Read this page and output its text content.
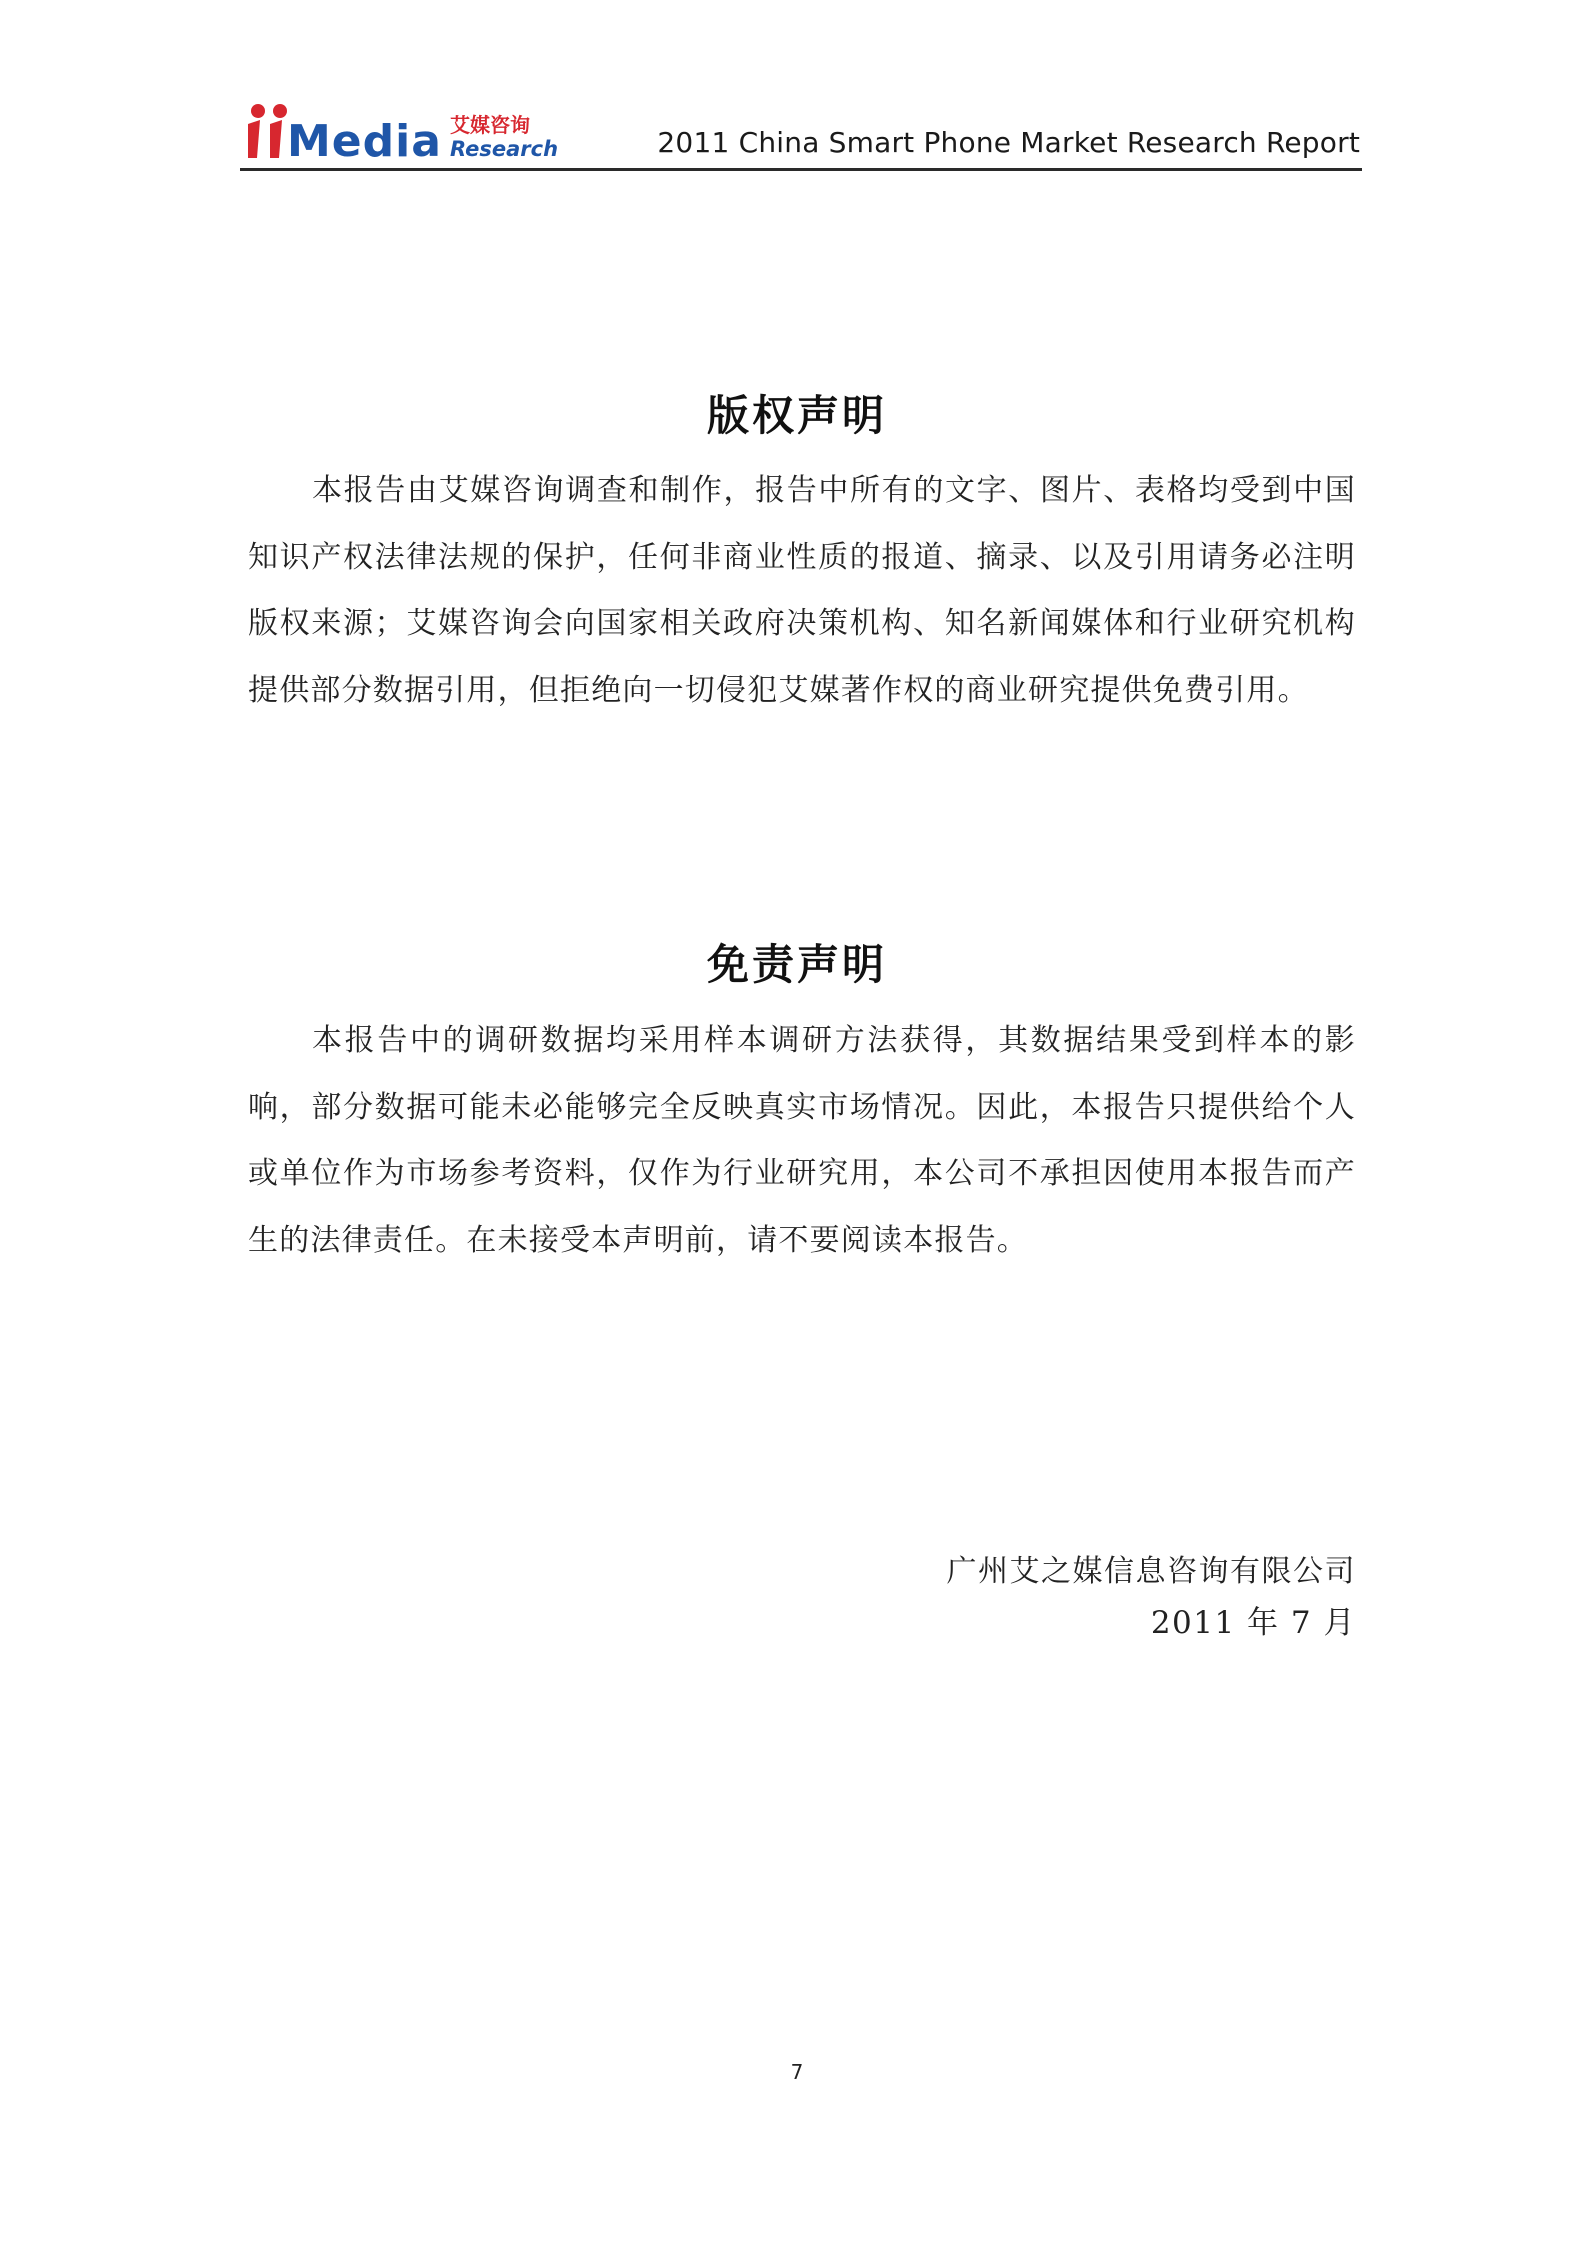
Media 艾媒咨询
Research	2011 China Smart Phone Market Research Report
版权声明
本报告由艾媒咨询调查和制作，报告中所有的文字、图片、表格均受到中国知识产权法律法规的保护，任何非商业性质的报道、摘录、以及引用请务必注明版权来源；艾媒咨询会向国家相关政府决策机构、知名新闻媒体和行业研究机构提供部分数据引用，但拒绝向一切侵犯艾媒著作权的商业研究提供免费引用。
免责声明
本报告中的调研数据均采用样本调研方法获得，其数据结果受到样本的影响，部分数据可能未必能够完全反映真实市场情况。因此，本报告只提供给个人或单位作为市场参考资料，仅作为行业研究用，本公司不承担因使用本报告而产生的法律责任。在未接受本声明前，请不要阅读本报告。
广州艾之媒信息咨询有限公司
2011 年 7 月
7
